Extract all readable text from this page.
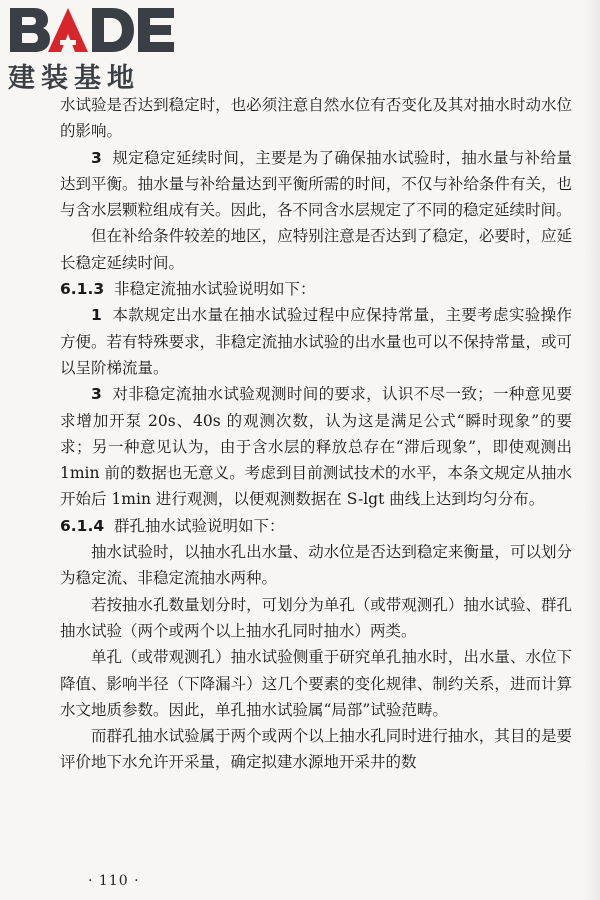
建装基地

水试验是否达到稳定时，也必须注意自然水位有否变化及其对抽水时动水位的影响。

3 规定稳定延续时间，主要是为了确保抽水试验时，抽水量与补给量达到平衡。抽水量与补给量达到平衡所需的时间，不仅与补给条件有关，也与含水层颗粒组成有关。因此，各不同含水层规定了不同的稳定延续时间。

但在补给条件较差的地区，应特别注意是否达到了稳定，必要时，应延长稳定延续时间。

6.1.3 非稳定流抽水试验说明如下：

1 本款规定出水量在抽水试验过程中应保持常量，主要考虑实验操作方便。若有特殊要求，非稳定流抽水试验的出水量也可以不保持常量，或可以呈阶梯流量。

3 对非稳定流抽水试验观测时间的要求，认识不尽一致；一种意见要求增加开泵 20s、40s 的观测次数，认为这是满足公式“瞬时现象”的要求；另一种意见认为，由于含水层的释放总存在“滞后现象”，即使观测出 1min 前的数据也无意义。考虑到目前测试技术的水平，本条文规定从抽水开始后 1min 进行观测，以便观测数据在 S-lgt 曲线上达到均匀分布。

6.1.4 群孔抽水试验说明如下：

抽水试验时，以抽水孔出水量、动水位是否达到稳定来衡量，可以划分为稳定流、非稳定流抽水两种。

若按抽水孔数量划分时，可划分为单孔（或带观测孔）抽水试验、群孔抽水试验（两个或两个以上抽水孔同时抽水）两类。

单孔（或带观测孔）抽水试验侧重于研究单孔抽水时，出水量、水位下降值、影响半径（下降漏斗）这几个要素的变化规律、制约关系，进而计算水文地质参数。因此，单孔抽水试验属“局部”试验范畴。

而群孔抽水试验属于两个或两个以上抽水孔同时进行抽水，其目的是要评价地下水允许开采量，确定拟建水源地开采井的数

· 110 ·
